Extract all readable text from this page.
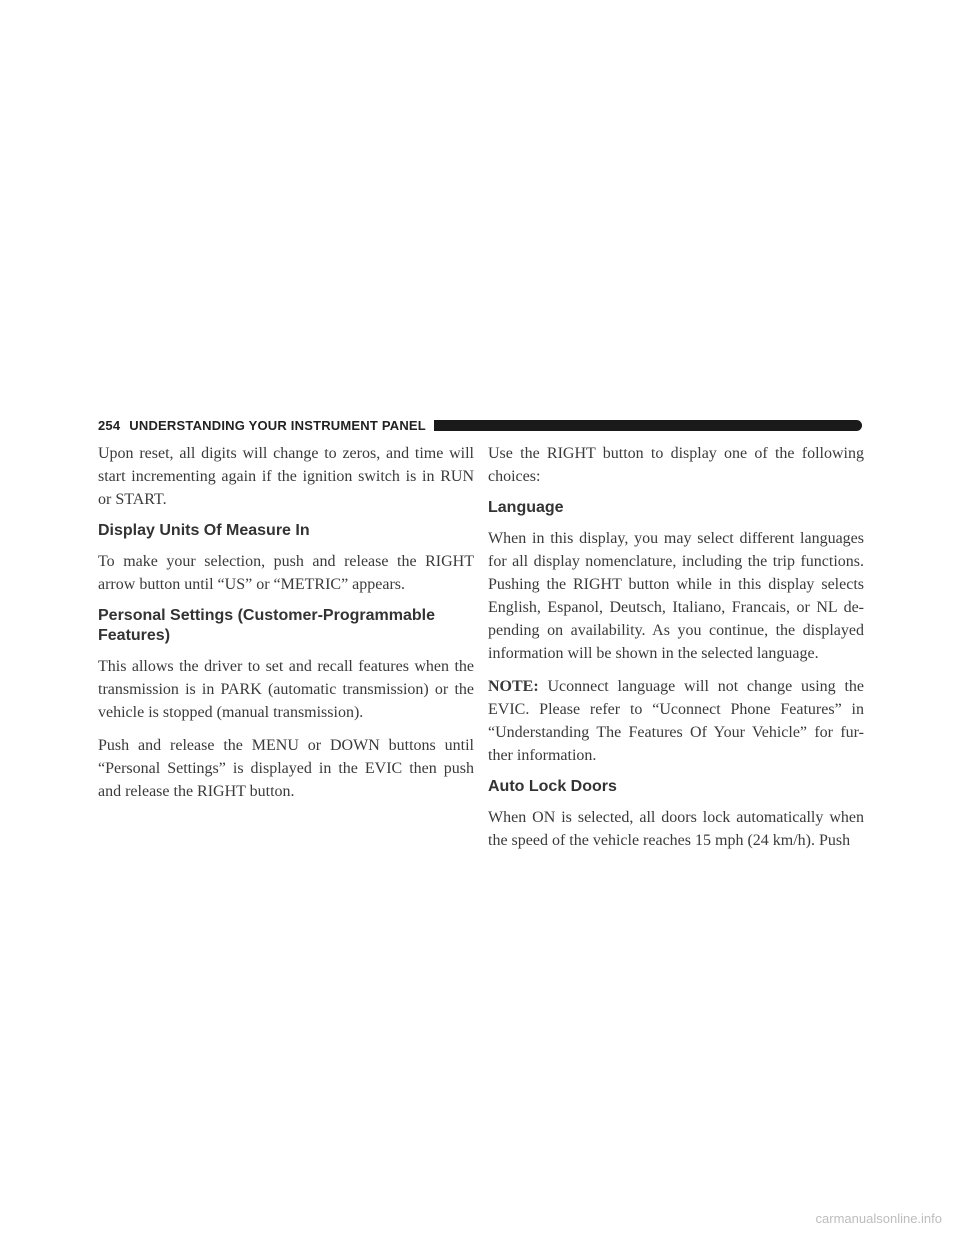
254 UNDERSTANDING YOUR INSTRUMENT PANEL

Upon reset, all digits will change to zeros, and time will start incrementing again if the ignition switch is in RUN or START.

Display Units Of Measure In

To make your selection, push and release the RIGHT arrow button until “US” or “METRIC” appears.

Personal Settings (Customer-Programmable Features)

This allows the driver to set and recall features when the transmission is in PARK (automatic transmission) or the vehicle is stopped (manual transmission).

Push and release the MENU or DOWN buttons until “Personal Settings” is displayed in the EVIC then push and release the RIGHT button.

Use the RIGHT button to display one of the following choices:

Language

When in this display, you may select different languages for all display nomenclature, including the trip functions. Pushing the RIGHT button while in this display selects English, Espanol, Deutsch, Italiano, Francais, or NL de-pending on availability. As you continue, the displayed information will be shown in the selected language.

NOTE: Uconnect language will not change using the EVIC. Please refer to “Uconnect Phone Features” in “Understanding The Features Of Your Vehicle” for fur-ther information.

Auto Lock Doors

When ON is selected, all doors lock automatically when the speed of the vehicle reaches 15 mph (24 km/h). Push

carmanualsonline.info
